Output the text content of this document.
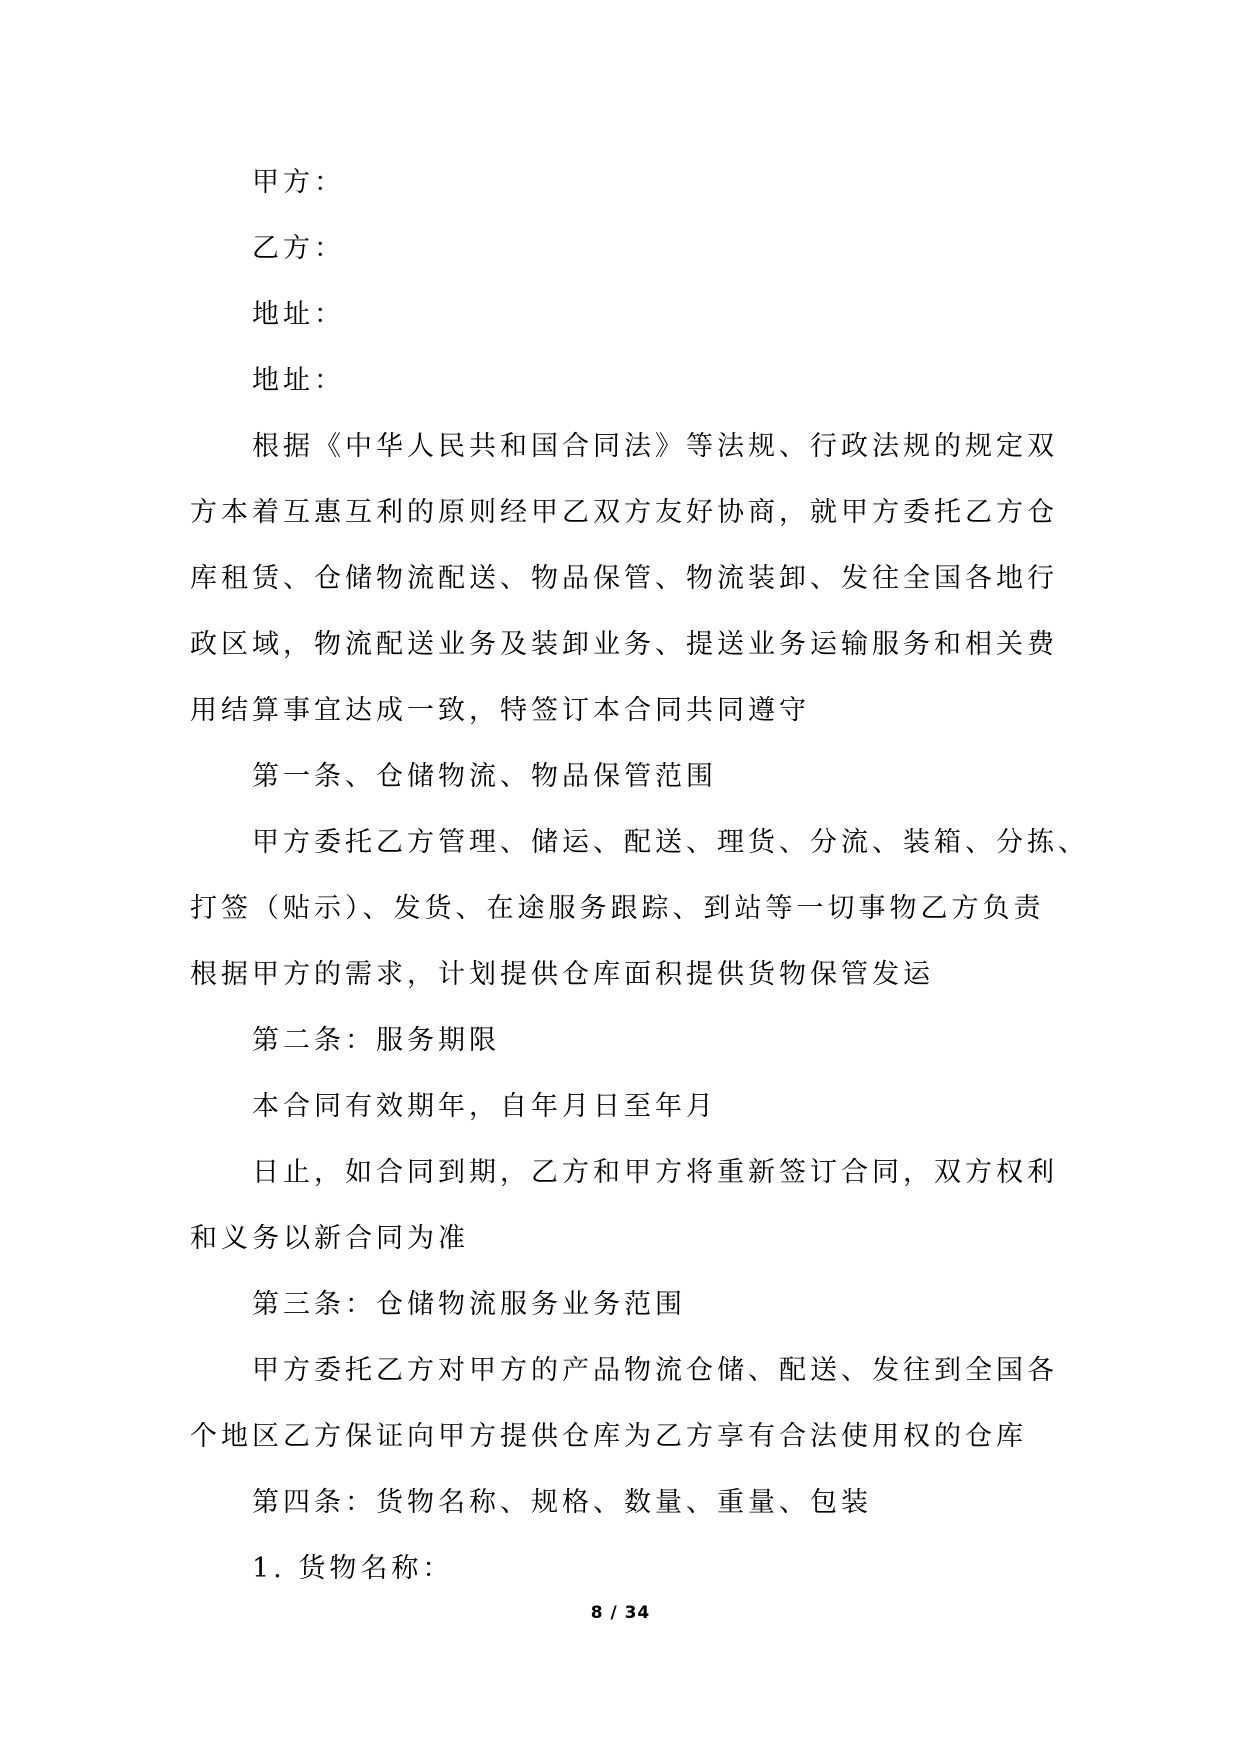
甲方：
乙方：
地址：
地址：
根据《中华人民共和国合同法》等法规、行政法规的规定双
方本着互惠互利的原则经甲乙双方友好协商，就甲方委托乙方仓
库租赁、仓储物流配送、物品保管、物流装卸、发往全国各地行
政区域，物流配送业务及装卸业务、提送业务运输服务和相关费
用结算事宜达成一致，特签订本合同共同遵守
第一条、仓储物流、物品保管范围
甲方委托乙方管理、储运、配送、理货、分流、装箱、分拣、
打签（贴示）、发货、在途服务跟踪、到站等一切事物乙方负责
根据甲方的需求，计划提供仓库面积提供货物保管发运
第二条：服务期限
本合同有效期年，自年月日至年月
日止，如合同到期，乙方和甲方将重新签订合同，双方权利
和义务以新合同为准
第三条：仓储物流服务业务范围
甲方委托乙方对甲方的产品物流仓储、配送、发往到全国各
个地区乙方保证向甲方提供仓库为乙方享有合法使用权的仓库
第四条：货物名称、规格、数量、重量、包装
1. 货物名称：
8 / 34
